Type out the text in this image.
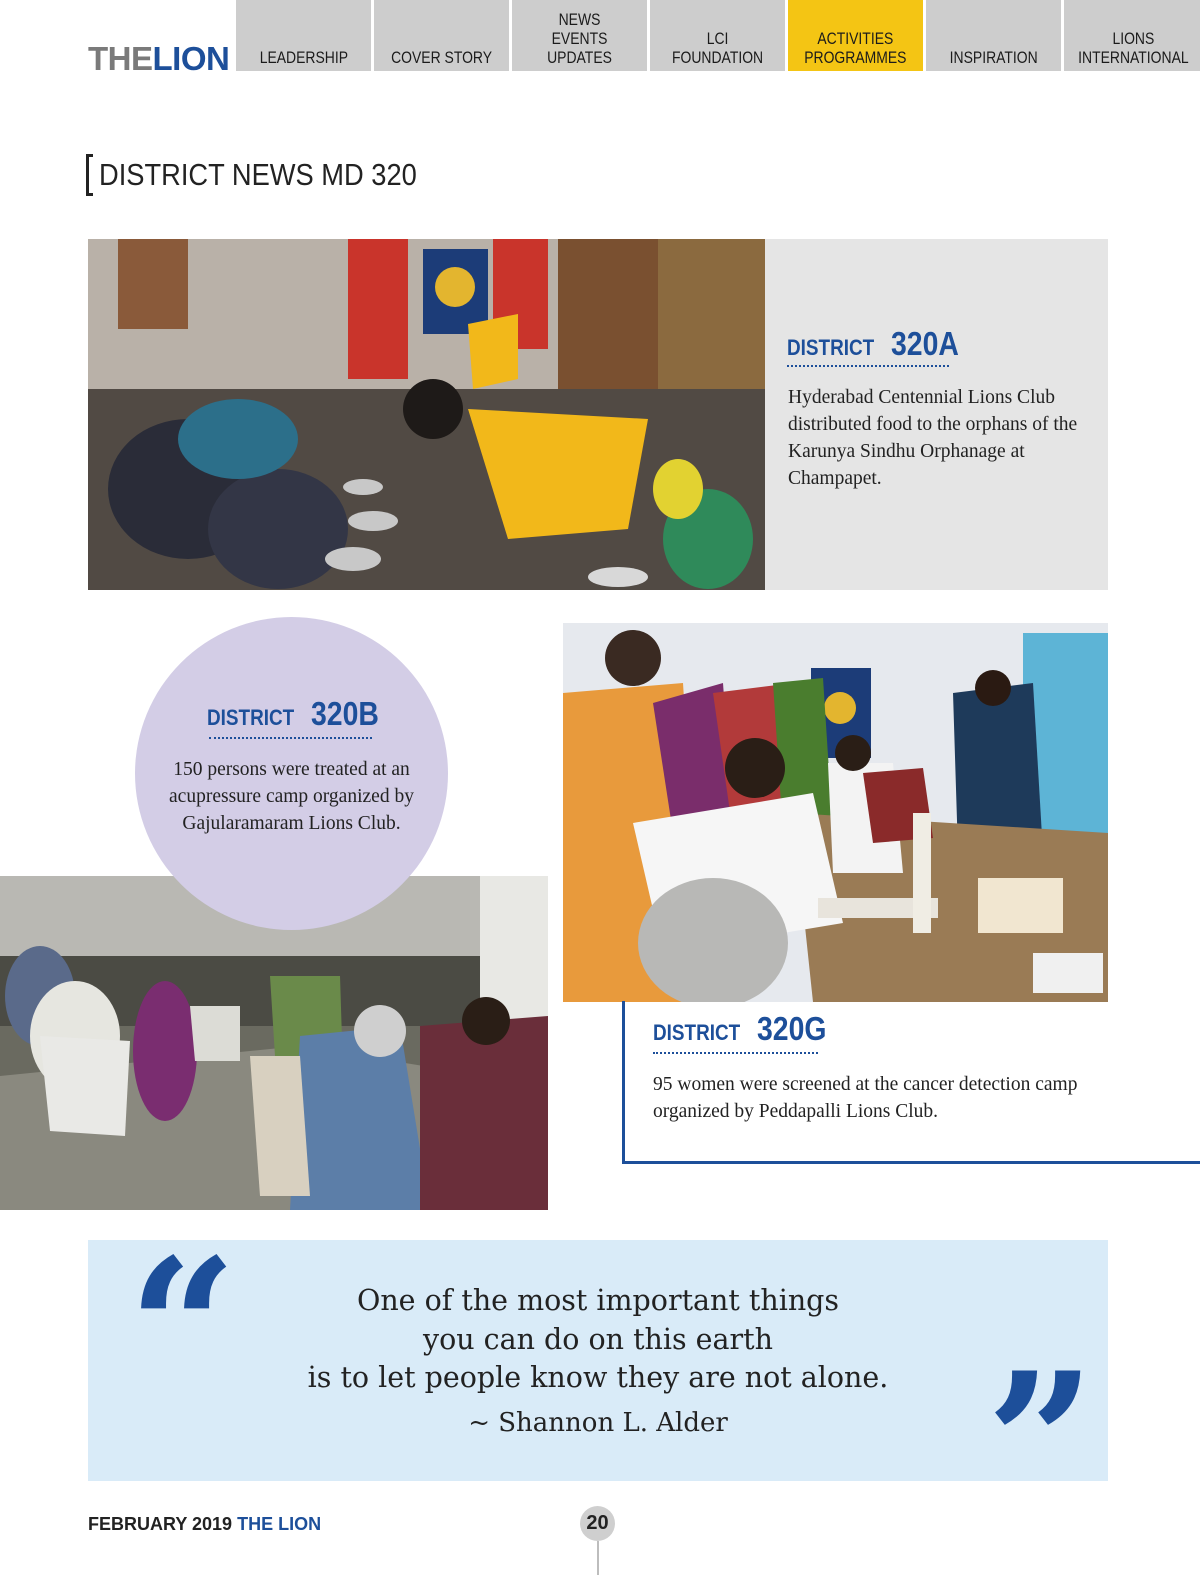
THELION LEADERSHIP	COVER STORY
NEWS
EVENTS
UPDATES
LCI
FOUNDATION
ACTIVITIES
PROGRAMMES	INSPIRATION
LIONS
INTERNATIONAL
DISTRICT NEWS MD 320
DISTRICT
320A
Hyderabad Centennial Lions Club distributed food to the orphans of the Karunya Sindhu Orphanage at Champapet.
DISTRICT
320B
150 persons were treated at an acupressure camp organized by Gajularamaram Lions Club.
DISTRICT
320G
95 women were screened at the cancer detection camp organized by Peddapalli Lions Club.
“	One of the most important things
you can do on this earth
is to let people know they are not alone.
~ Shannon L. Alder	”
FEBRUARY 2019 THE LION	20
